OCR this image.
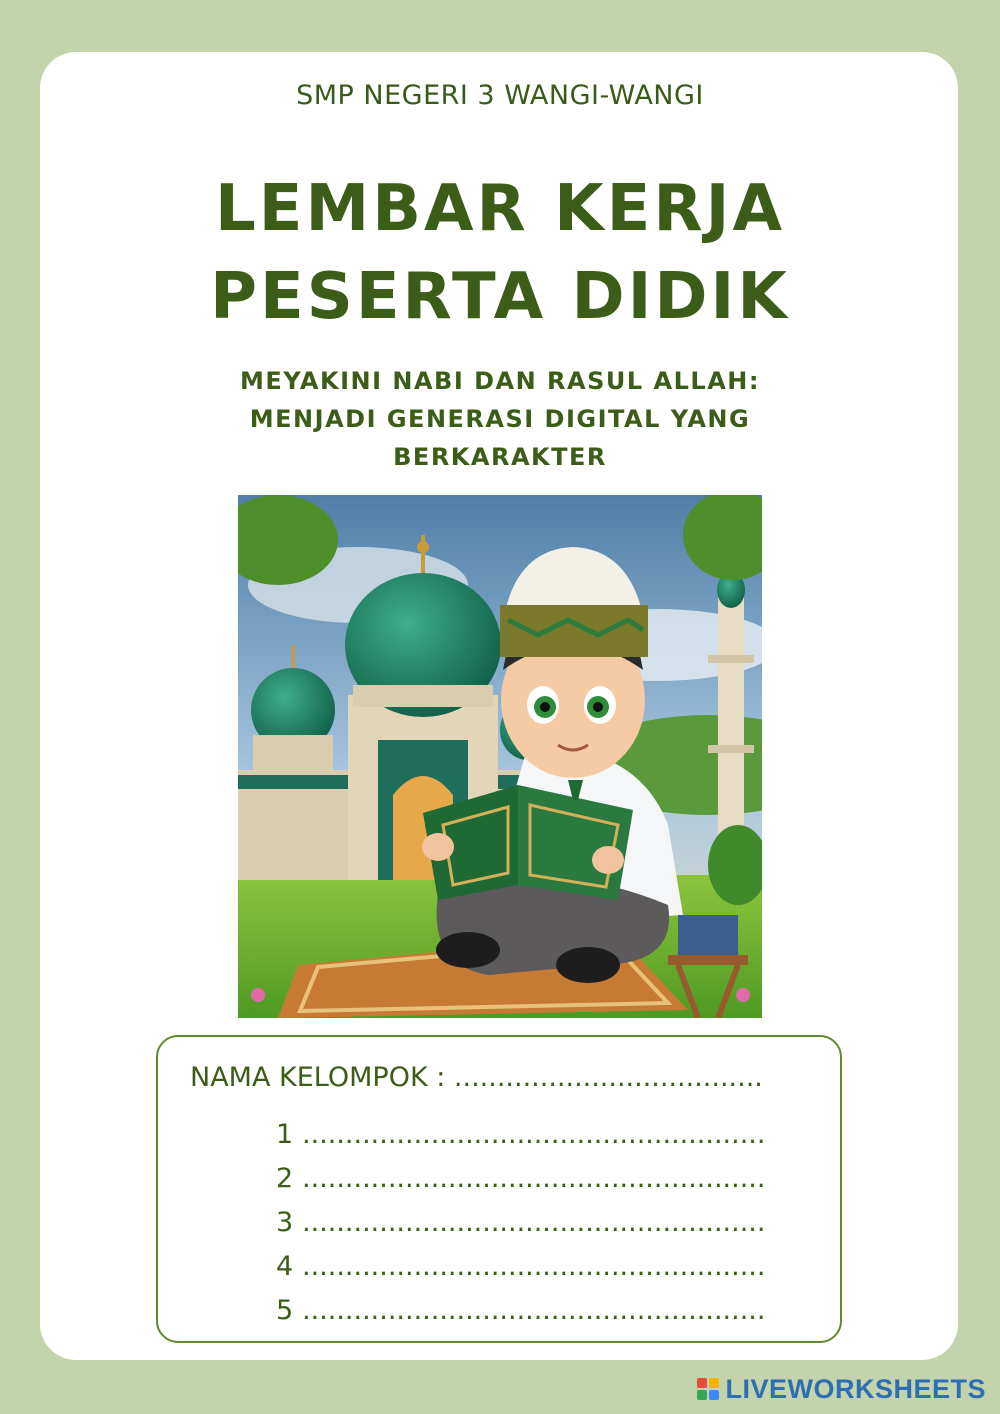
SMP NEGERI 3 WANGI-WANGI
LEMBAR KERJA
PESERTA DIDIK
MEYAKINI NABI DAN RASUL ALLAH:
MENJADI GENERASI DIGITAL YANG
BERKARAKTER
NAMA KELOMPOK : ....................................
1 ......................................................
2 ......................................................
3 ......................................................
4 ......................................................
5 ......................................................
LIVEWORKSHEETS
